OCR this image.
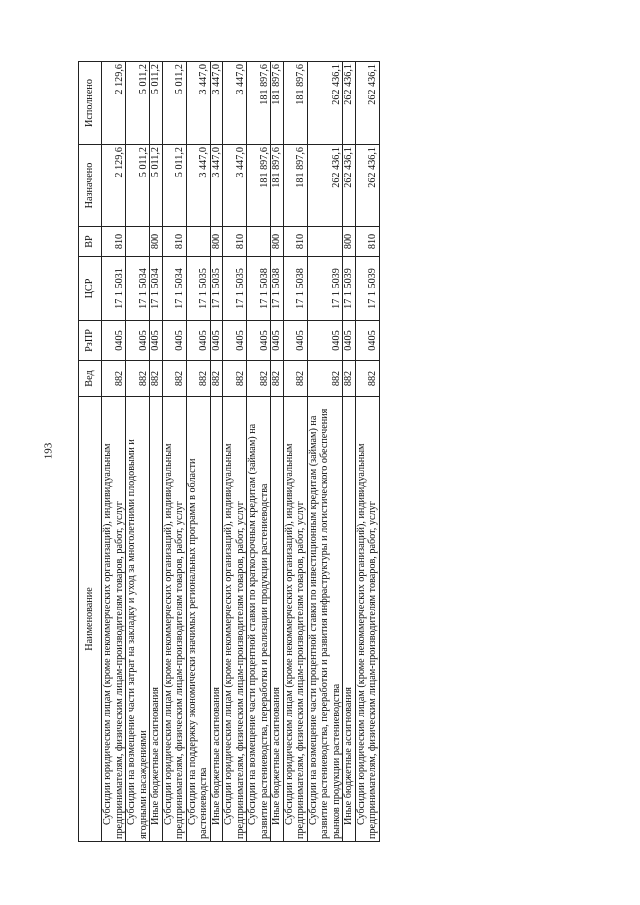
193
Наименование	Вед	РзПР	ЦСР	ВР	Назначено	Исполнено
Субсидии юридическим лицам (кроме некоммерческих организаций), индивидуальным предпринимателям, физическим лицам-производителям товаров, работ, услуг	882	0405	17 1 5031	810	2 129,6	2 129,6
Субсидии на возмещение части затрат на закладку и уход за многолетними плодовыми и ягодными насаждениями	882	0405	17 1 5034		5 011,2	5 011,2
Иные бюджетные ассигнования	882	0405	17 1 5034	800	5 011,2	5 011,2
Субсидии юридическим лицам (кроме некоммерческих организаций), индивидуальным предпринимателям, физическим лицам-производителям товаров, работ, услуг	882	0405	17 1 5034	810	5 011,2	5 011,2
Субсидии на поддержку экономически значимых региональных программ в области растениеводства	882	0405	17 1 5035		3 447,0	3 447,0
Иные бюджетные ассигнования	882	0405	17 1 5035	800	3 447,0	3 447,0
Субсидии юридическим лицам (кроме некоммерческих организаций), индивидуальным предпринимателям, физическим лицам-производителям товаров, работ, услуг	882	0405	17 1 5035	810	3 447,0	3 447,0
Субсидии на возмещение части процентной ставки по краткосрочным кредитам (займам) на развитие растениеводства, переработки и реализации продукции растениеводства	882	0405	17 1 5038		181 897,6	181 897,6
Иные бюджетные ассигнования	882	0405	17 1 5038	800	181 897,6	181 897,6
Субсидии юридическим лицам (кроме некоммерческих организаций), индивидуальным предпринимателям, физическим лицам-производителям товаров, работ, услуг	882	0405	17 1 5038	810	181 897,6	181 897,6
Субсидии на возмещение части процентной ставки по инвестиционным кредитам (займам) на развитие растениеводства, переработки и развития инфраструктуры и логистического обеспечения рынков продукции растениеводства	882	0405	17 1 5039		262 436,1	262 436,1
Иные бюджетные ассигнования	882	0405	17 1 5039	800	262 436,1	262 436,1
Субсидии юридическим лицам (кроме некоммерческих организаций), индивидуальным предпринимателям, физическим лицам-производителям товаров, работ, услуг	882	0405	17 1 5039	810	262 436,1	262 436,1
